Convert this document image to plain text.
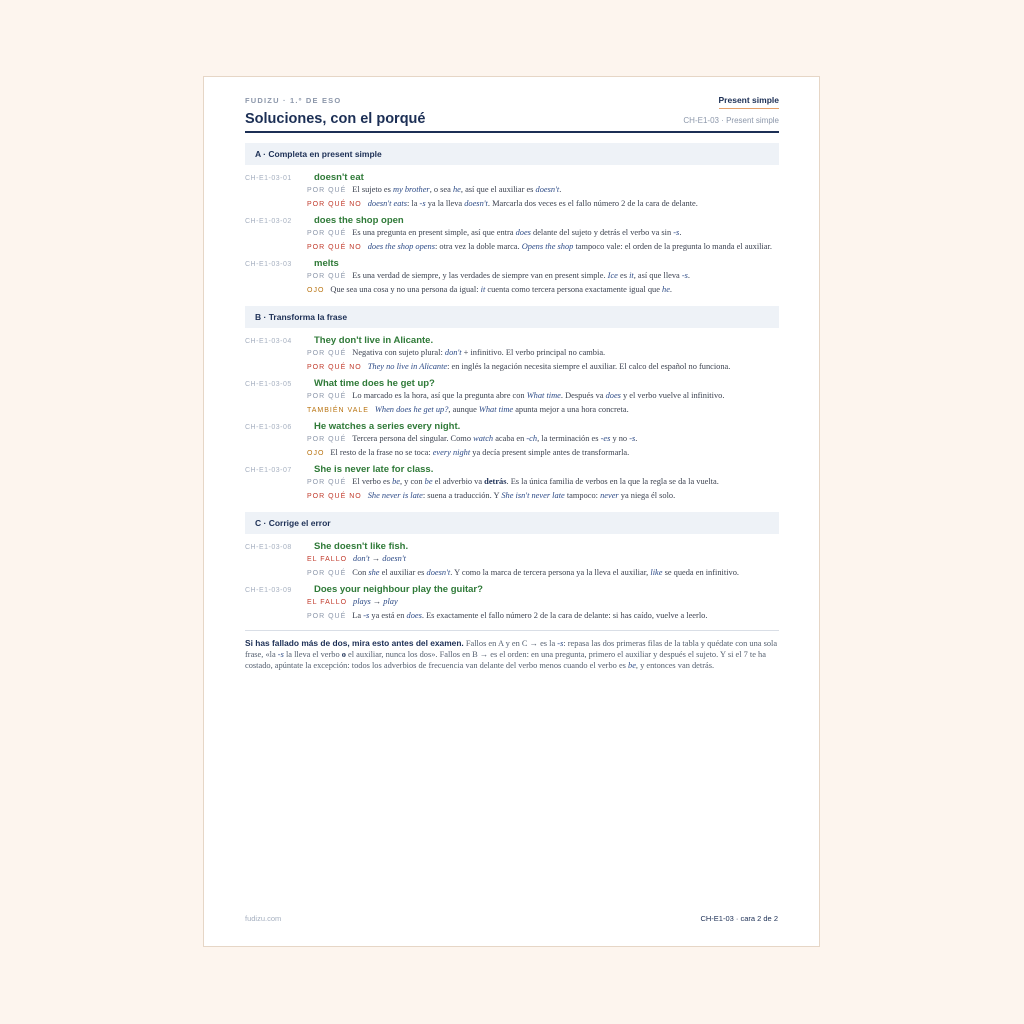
FUDIZU · 1.º DE ESO	Present simple
Soluciones, con el porqué	CH-E1-03 · Present simple
A · Completa en present simple
CH-E1-03-01	doesn't eat
POR QUÉ El sujeto es my brother, o sea he, así que el auxiliar es doesn't.
POR QUÉ NO doesn't eats: la -s ya la lleva doesn't. Marcarla dos veces es el fallo número 2 de la cara de delante.
CH-E1-03-02	does the shop open
POR QUÉ Es una pregunta en present simple, así que entra does delante del sujeto y detrás el verbo va sin -s.
POR QUÉ NO does the shop opens: otra vez la doble marca. Opens the shop tampoco vale: el orden de la pregunta lo manda el auxiliar.
CH-E1-03-03	melts
POR QUÉ Es una verdad de siempre, y las verdades de siempre van en present simple. Ice es it, así que lleva -s.
OJO Que sea una cosa y no una persona da igual: it cuenta como tercera persona exactamente igual que he.
B · Transforma la frase
CH-E1-03-04	They don't live in Alicante.
POR QUÉ Negativa con sujeto plural: don't + infinitivo. El verbo principal no cambia.
POR QUÉ NO They no live in Alicante: en inglés la negación necesita siempre el auxiliar. El calco del español no funciona.
CH-E1-03-05	What time does he get up?
POR QUÉ Lo marcado es la hora, así que la pregunta abre con What time. Después va does y el verbo vuelve al infinitivo.
TAMBIÉN VALE When does he get up?, aunque What time apunta mejor a una hora concreta.
CH-E1-03-06	He watches a series every night.
POR QUÉ Tercera persona del singular. Como watch acaba en -ch, la terminación es -es y no -s.
OJO El resto de la frase no se toca: every night ya decía present simple antes de transformarla.
CH-E1-03-07	She is never late for class.
POR QUÉ El verbo es be, y con be el adverbio va detrás. Es la única familia de verbos en la que la regla se da la vuelta.
POR QUÉ NO She never is late: suena a traducción. Y She isn't never late tampoco: never ya niega él solo.
C · Corrige el error
CH-E1-03-08	She doesn't like fish.
EL FALLO don't → doesn't
POR QUÉ Con she el auxiliar es doesn't. Y como la marca de tercera persona ya la lleva el auxiliar, like se queda en infinitivo.
CH-E1-03-09	Does your neighbour play the guitar?
EL FALLO plays → play
POR QUÉ La -s ya está en does. Es exactamente el fallo número 2 de la cara de delante: si has caído, vuelve a leerlo.
Si has fallado más de dos, mira esto antes del examen. Fallos en A y en C → es la -s: repasa las dos primeras filas de la tabla y quédate con una sola frase, «la -s la lleva el verbo o el auxiliar, nunca los dos». Fallos en B → es el orden: en una pregunta, primero el auxiliar y después el sujeto. Y si el 7 te ha costado, apúntate la excepción: todos los adverbios de frecuencia van delante del verbo menos cuando el verbo es be, y entonces van detrás.
fudizu.com	CH-E1-03 · cara 2 de 2
